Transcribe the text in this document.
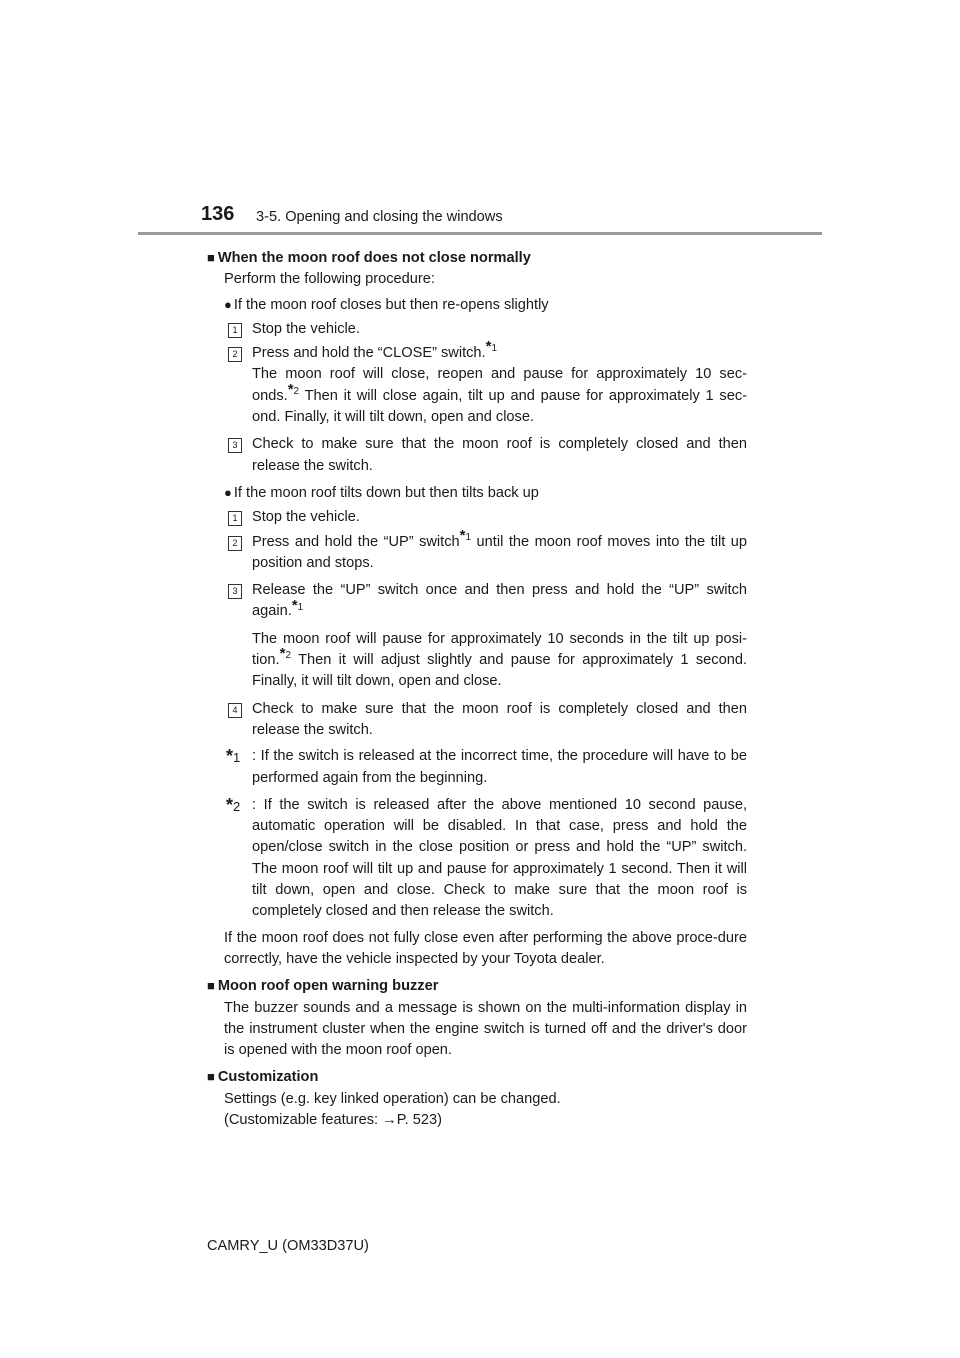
136 3-5. Opening and closing the windows
■ When the moon roof does not close normally
Perform the following procedure:
● If the moon roof closes but then re-opens slightly
1 Stop the vehicle.
2 Press and hold the “CLOSE” switch.$^{*1}$
The moon roof will close, reopen and pause for approximately 10 sec-onds.$^{*2}$ Then it will close again, tilt up and pause for approximately 1 sec-ond. Finally, it will tilt down, open and close.
3 Check to make sure that the moon roof is completely closed and then release the switch.
● If the moon roof tilts down but then tilts back up
1 Stop the vehicle.
2 Press and hold the “UP” switch$^{*1}$ until the moon roof moves into the tilt up position and stops.
3 Release the “UP” switch once and then press and hold the “UP” switch again.$^{*1}$
The moon roof will pause for approximately 10 seconds in the tilt up posi-tion.$^{*2}$ Then it will adjust slightly and pause for approximately 1 second. Finally, it will tilt down, open and close.
4 Check to make sure that the moon roof is completely closed and then release the switch.
*1 : If the switch is released at the incorrect time, the procedure will have to be performed again from the beginning.
*2 : If the switch is released after the above mentioned 10 second pause, automatic operation will be disabled. In that case, press and hold the open/close switch in the close position or press and hold the “UP” switch. The moon roof will tilt up and pause for approximately 1 second. Then it will tilt down, open and close. Check to make sure that the moon roof is completely closed and then release the switch.
If the moon roof does not fully close even after performing the above proce-dure correctly, have the vehicle inspected by your Toyota dealer.
■ Moon roof open warning buzzer
The buzzer sounds and a message is shown on the multi-information display in the instrument cluster when the engine switch is turned off and the driver's door is opened with the moon roof open.
■ Customization
Settings (e.g. key linked operation) can be changed.
(Customizable features: →P. 523)
CAMRY_U (OM33D37U)
